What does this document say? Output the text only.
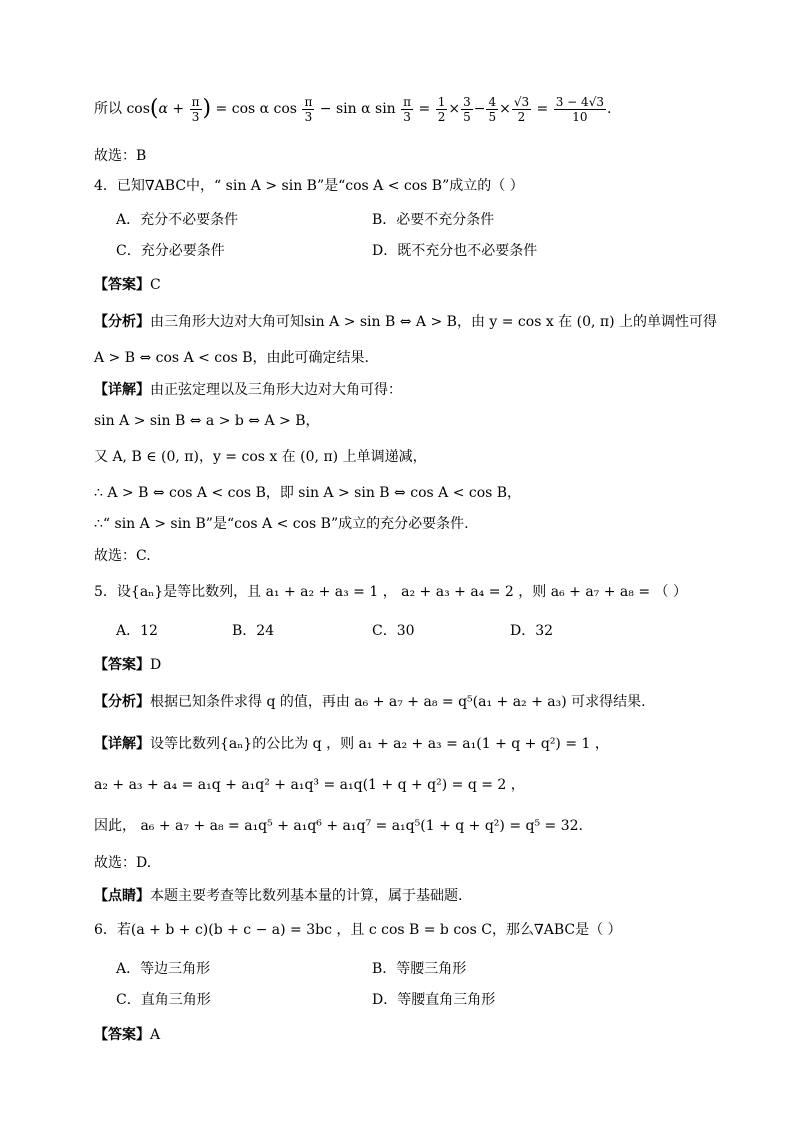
所以 $\cos(\alpha + \frac{\pi}{3}$ ) = cos α $\cos \frac{\pi}{3} - \sin \alpha$ $\sin \frac{\pi}{3} = \frac{1}{2} \times \frac{3}{5} - \frac{4}{5} \times \frac{√3}{2} = \frac{3 - 4√3}{10}$ .
故选：B
4．已知∇ABC中，“ sin A > sin B”是“cos A < cos B”成立的（ ）
A．充分不必要条件	B．必要不充分条件
C．充分必要条件	D．既不充分也不必要条件
【答案】C
【分析】由三角形大边对大角可知sin A > sin B ⇔ A > B，由 y = cos x 在 (0, π) 上的单调性可得
A > B ⇔ cos A < cos B，由此可确定结果.
【详解】由正弦定理以及三角形大边对大角可得：
sin A > sin B ⇔ a > b ⇔ A > B，
又 A, B ∈ (0, π)，y = cos x 在 (0, π) 上单调递减，
∴ A > B ⇔ cos A < cos B，即 sin A > sin B ⇔ cos A < cos B，
∴“ sin A > sin B”是“cos A < cos B”成立的充分必要条件.
故选：C.
5．设{aₙ}是等比数列，且 a₁ + a₂ + a₃ = 1 ， a₂ + a₃ + a₄ = 2 ，则 a₆ + a₇ + a₈ = （ ）
A．12	B．24	C．30	D．32
【答案】D
【分析】根据已知条件求得 q 的值，再由 a₆ + a₇ + a₈ = q⁵(a₁ + a₂ + a₃) 可求得结果.
【详解】设等比数列{aₙ}的公比为 q ，则 a₁ + a₂ + a₃ = a₁(1 + q + q²) = 1 ，
a₂ + a₃ + a₄ = a₁q + a₁q² + a₁q³ = a₁q(1 + q + q²) = q = 2 ，
因此， a₆ + a₇ + a₈ = a₁q⁵ + a₁q⁶ + a₁q⁷ = a₁q⁵(1 + q + q²) = q⁵ = 32.
故选：D.
【点睛】本题主要考查等比数列基本量的计算，属于基础题.
6．若(a + b + c)(b + c − a) = 3bc ，且 c cos B = b cos C，那么∇ABC是（ ）
A．等边三角形	B．等腰三角形
C．直角三角形	D．等腰直角三角形
【答案】A
